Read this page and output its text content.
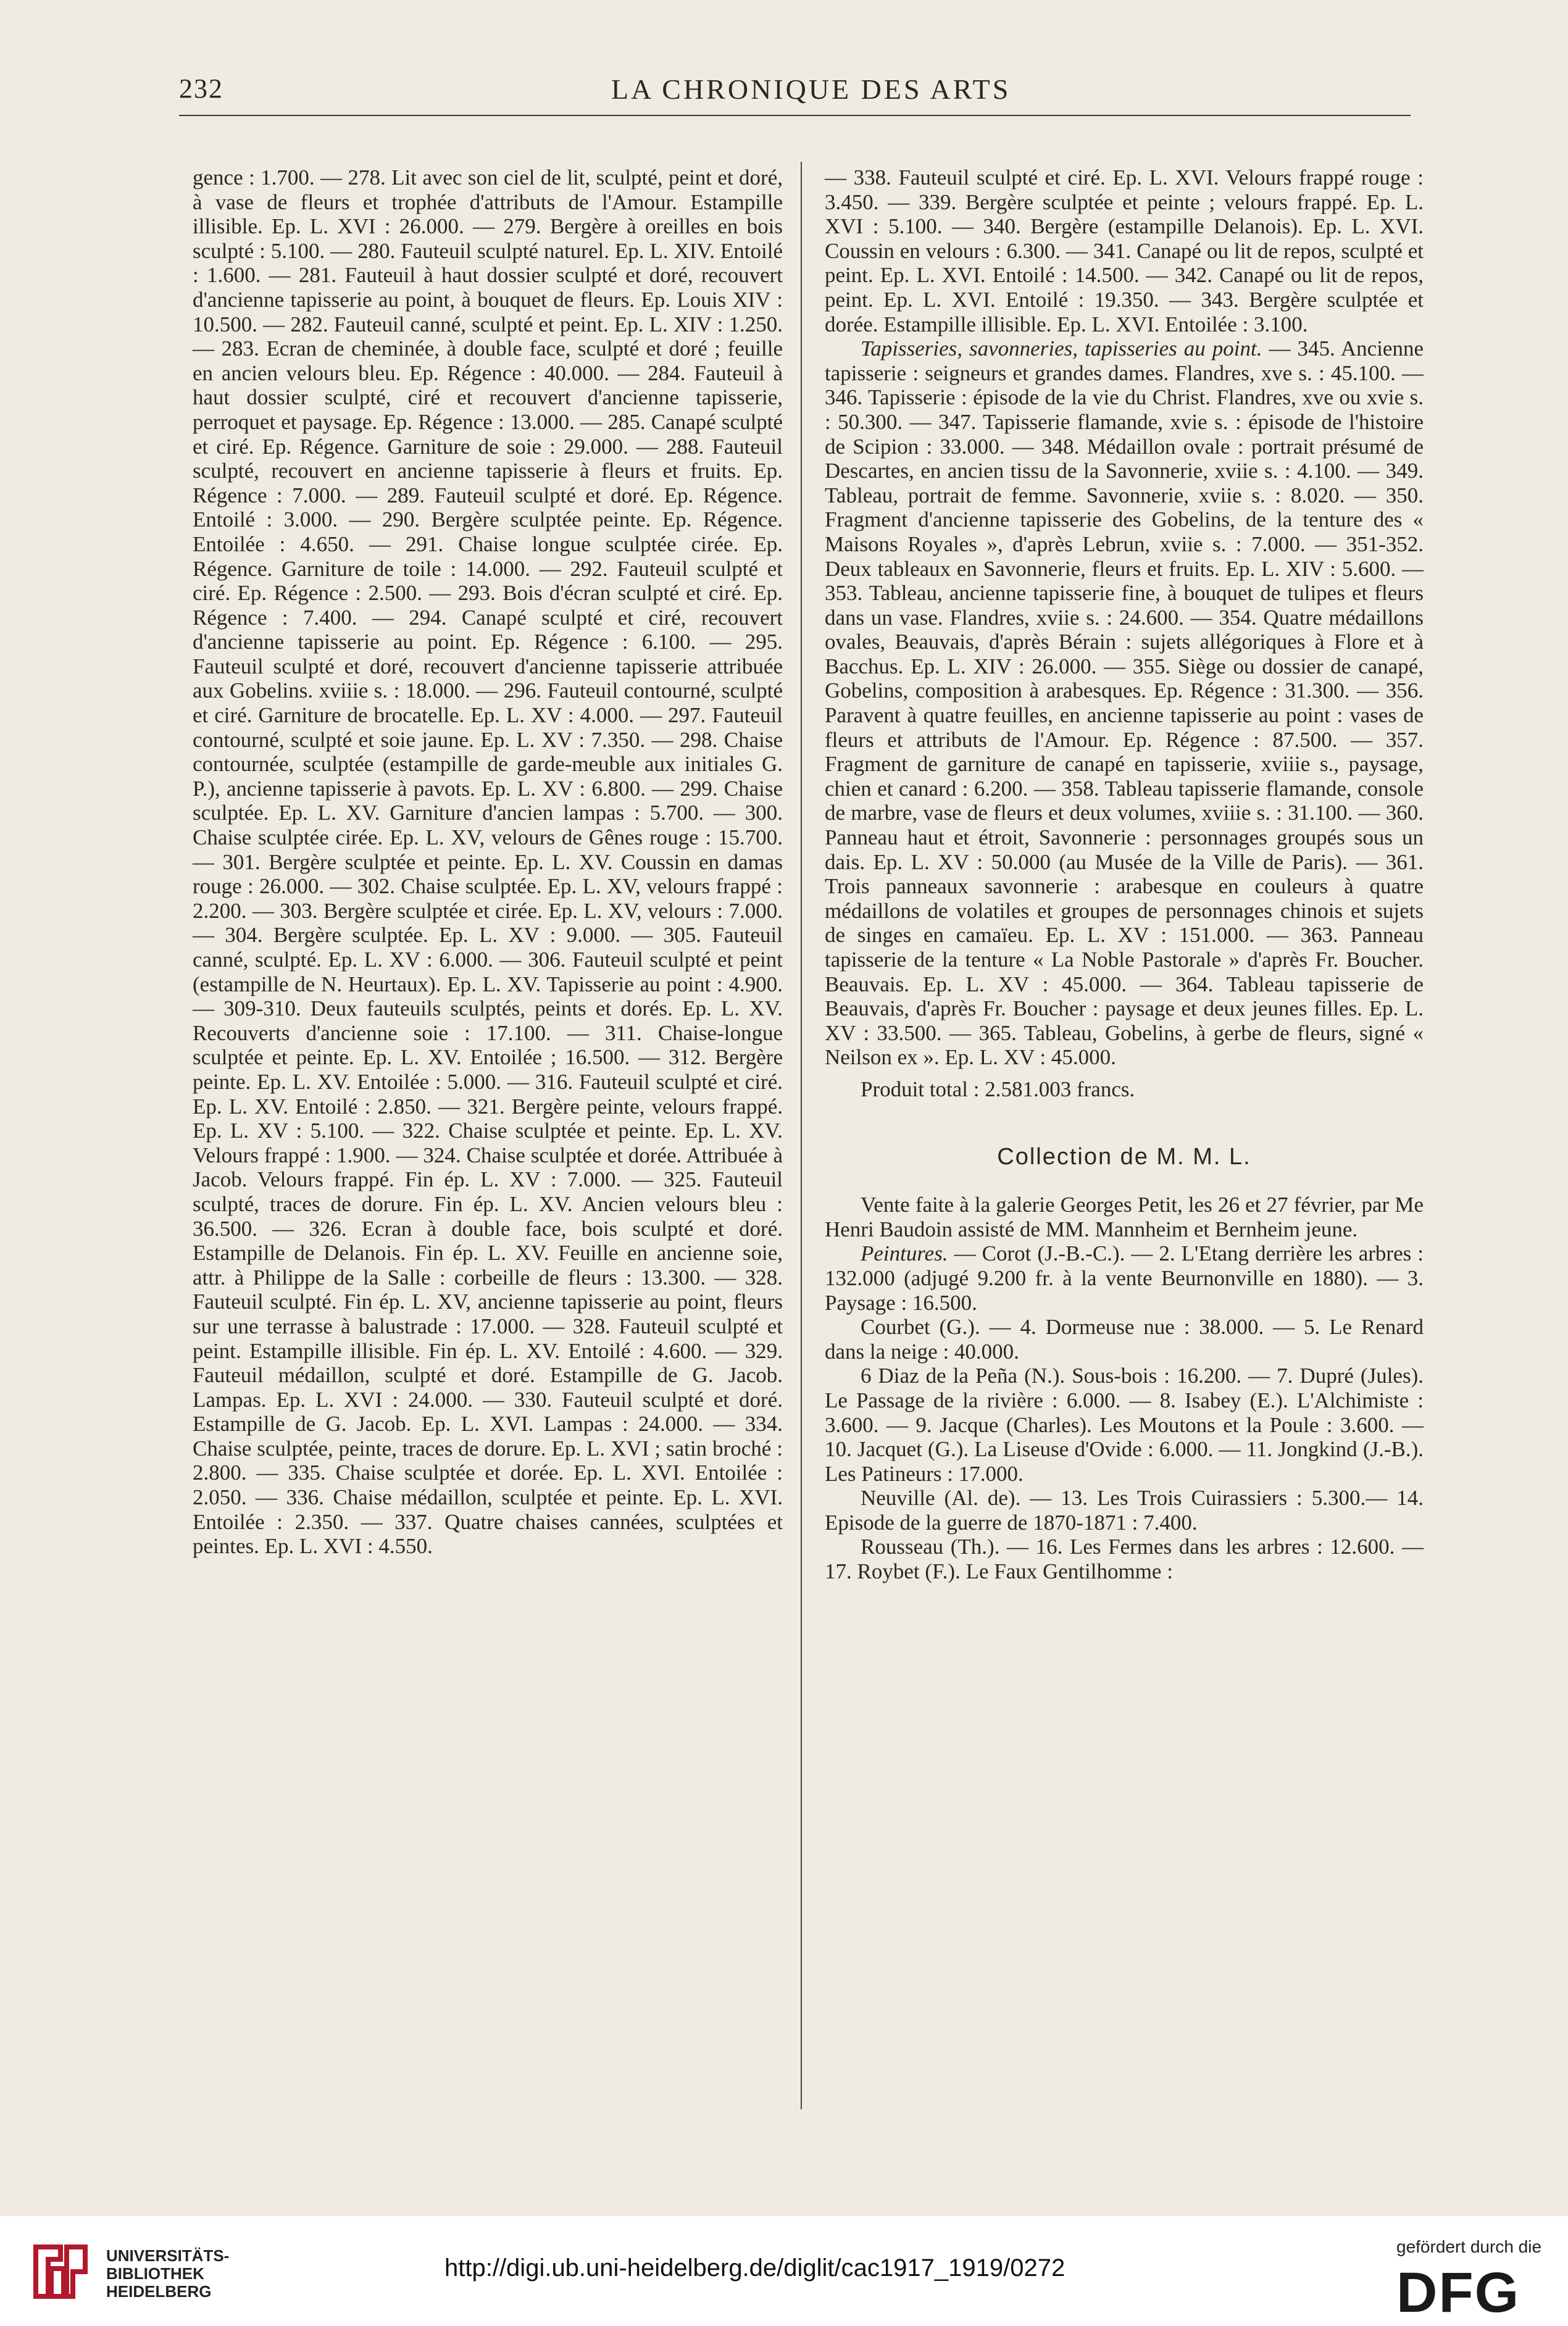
232	LA CHRONIQUE DES ARTS

gence : 1.700. — 278. Lit avec son ciel de lit, sculpté, peint et doré, à vase de fleurs et trophée d'attributs de l'Amour. Estampille illisible. Ep. L. XVI : 26.000. — 279. Bergère à oreilles en bois sculpté : 5.100. — 280. Fauteuil sculpté naturel. Ep. L. XIV. Entoilé : 1.600. — 281. Fauteuil à haut dossier sculpté et doré, recouvert d'ancienne tapisserie au point, à bouquet de fleurs. Ep. Louis XIV : 10.500. — 282. Fauteuil canné, sculpté et peint. Ep. L. XIV : 1.250. — 283. Ecran de cheminée, à double face, sculpté et doré ; feuille en ancien velours bleu. Ep. Régence : 40.000. — 284. Fauteuil à haut dossier sculpté, ciré et recouvert d'ancienne tapisserie, perroquet et paysage. Ep. Régence : 13.000. — 285. Canapé sculpté et ciré. Ep. Régence. Garniture de soie : 29.000. — 288. Fauteuil sculpté, recouvert en ancienne tapisserie à fleurs et fruits. Ep. Régence : 7.000. — 289. Fauteuil sculpté et doré. Ep. Régence. Entoilé : 3.000. — 290. Bergère sculptée peinte. Ep. Régence. Entoilée : 4.650. — 291. Chaise longue sculptée cirée. Ep. Régence. Garniture de toile : 14.000. — 292. Fauteuil sculpté et ciré. Ep. Régence : 2.500. — 293. Bois d'écran sculpté et ciré. Ep. Régence : 7.400. — 294. Canapé sculpté et ciré, recouvert d'ancienne tapisserie au point. Ep. Régence : 6.100. — 295. Fauteuil sculpté et doré, recouvert d'ancienne tapisserie attribuée aux Gobelins. xviiie s. : 18.000. — 296. Fauteuil contourné, sculpté et ciré. Garniture de brocatelle. Ep. L. XV : 4.000. — 297. Fauteuil contourné, sculpté et soie jaune. Ep. L. XV : 7.350. — 298. Chaise contournée, sculptée (estampille de garde-meuble aux initiales G. P.), ancienne tapisserie à pavots. Ep. L. XV : 6.800. — 299. Chaise sculptée. Ep. L. XV. Garniture d'ancien lampas : 5.700. — 300. Chaise sculptée cirée. Ep. L. XV, velours de Gênes rouge : 15.700. — 301. Bergère sculptée et peinte. Ep. L. XV. Coussin en damas rouge : 26.000. — 302. Chaise sculptée. Ep. L. XV, velours frappé : 2.200. — 303. Bergère sculptée et cirée. Ep. L. XV, velours : 7.000. — 304. Bergère sculptée. Ep. L. XV : 9.000. — 305. Fauteuil canné, sculpté. Ep. L. XV : 6.000. — 306. Fauteuil sculpté et peint (estampille de N. Heurtaux). Ep. L. XV. Tapisserie au point : 4.900. — 309-310. Deux fauteuils sculptés, peints et dorés. Ep. L. XV. Recouverts d'ancienne soie : 17.100. — 311. Chaise-longue sculptée et peinte. Ep. L. XV. Entoilée ; 16.500. — 312. Bergère peinte. Ep. L. XV. Entoilée : 5.000. — 316. Fauteuil sculpté et ciré. Ep. L. XV. Entoilé : 2.850. — 321. Bergère peinte, velours frappé. Ep. L. XV : 5.100. — 322. Chaise sculptée et peinte. Ep. L. XV. Velours frappé : 1.900. — 324. Chaise sculptée et dorée. Attribuée à Jacob. Velours frappé. Fin ép. L. XV : 7.000. — 325. Fauteuil sculpté, traces de dorure. Fin ép. L. XV. Ancien velours bleu : 36.500. — 326. Ecran à double face, bois sculpté et doré. Estampille de Delanois. Fin ép. L. XV. Feuille en ancienne soie, attr. à Philippe de la Salle : corbeille de fleurs : 13.300. — 328. Fauteuil sculpté. Fin ép. L. XV, ancienne tapisserie au point, fleurs sur une terrasse à balustrade : 17.000. — 328. Fauteuil sculpté et peint. Estampille illisible. Fin ép. L. XV. Entoilé : 4.600. — 329. Fauteuil médaillon, sculpté et doré. Estampille de G. Jacob. Lampas. Ep. L. XVI : 24.000. — 330. Fauteuil sculpté et doré. Estampille de G. Jacob. Ep. L. XVI. Lampas : 24.000. — 334. Chaise sculptée, peinte, traces de dorure. Ep. L. XVI ; satin broché : 2.800. — 335. Chaise sculptée et dorée. Ep. L. XVI. Entoilée : 2.050. — 336. Chaise médaillon, sculptée et peinte. Ep. L. XVI. Entoilée : 2.350. — 337. Quatre chaises cannées, sculptées et peintes. Ep. L. XVI : 4.550.

— 338. Fauteuil sculpté et ciré. Ep. L. XVI. Velours frappé rouge : 3.450. — 339. Bergère sculptée et peinte ; velours frappé. Ep. L. XVI : 5.100. — 340. Bergère (estampille Delanois). Ep. L. XVI. Coussin en velours : 6.300. — 341. Canapé ou lit de repos, sculpté et peint. Ep. L. XVI. Entoilé : 14.500. — 342. Canapé ou lit de repos, peint. Ep. L. XVI. Entoilé : 19.350. — 343. Bergère sculptée et dorée. Estampille illisible. Ep. L. XVI. Entoilée : 3.100.

Tapisseries, savonneries, tapisseries au point. — 345. Ancienne tapisserie : seigneurs et grandes dames. Flandres, xve s. : 45.100. — 346. Tapisserie : épisode de la vie du Christ. Flandres, xve ou xvie s. : 50.300. — 347. Tapisserie flamande, xvie s. : épisode de l'histoire de Scipion : 33.000. — 348. Médaillon ovale : portrait présumé de Descartes, en ancien tissu de la Savonnerie, xviie s. : 4.100. — 349. Tableau, portrait de femme. Savonnerie, xviie s. : 8.020. — 350. Fragment d'ancienne tapisserie des Gobelins, de la tenture des « Maisons Royales », d'après Lebrun, xviie s. : 7.000. — 351-352. Deux tableaux en Savonnerie, fleurs et fruits. Ep. L. XIV : 5.600. — 353. Tableau, ancienne tapisserie fine, à bouquet de tulipes et fleurs dans un vase. Flandres, xviie s. : 24.600. — 354. Quatre médaillons ovales, Beauvais, d'après Bérain : sujets allégoriques à Flore et à Bacchus. Ep. L. XIV : 26.000. — 355. Siège ou dossier de canapé, Gobelins, composition à arabesques. Ep. Régence : 31.300. — 356. Paravent à quatre feuilles, en ancienne tapisserie au point : vases de fleurs et attributs de l'Amour. Ep. Régence : 87.500. — 357. Fragment de garniture de canapé en tapisserie, xviiie s., paysage, chien et canard : 6.200. — 358. Tableau tapisserie flamande, console de marbre, vase de fleurs et deux volumes, xviiie s. : 31.100. — 360. Panneau haut et étroit, Savonnerie : personnages groupés sous un dais. Ep. L. XV : 50.000 (au Musée de la Ville de Paris). — 361. Trois panneaux savonnerie : arabesque en couleurs à quatre médaillons de volatiles et groupes de personnages chinois et sujets de singes en camaïeu. Ep. L. XV : 151.000. — 363. Panneau tapisserie de la tenture « La Noble Pastorale » d'après Fr. Boucher. Beauvais. Ep. L. XV : 45.000. — 364. Tableau tapisserie de Beauvais, d'après Fr. Boucher : paysage et deux jeunes filles. Ep. L. XV : 33.500. — 365. Tableau, Gobelins, à gerbe de fleurs, signé « Neilson ex ». Ep. L. XV : 45.000.

Produit total : 2.581.003 francs.

Collection de M. M. L.

Vente faite à la galerie Georges Petit, les 26 et 27 février, par Me Henri Baudoin assisté de MM. Mannheim et Bernheim jeune.

Peintures. — Corot (J.-B.-C.). — 2. L'Etang derrière les arbres : 132.000 (adjugé 9.200 fr. à la vente Beurnonville en 1880). — 3. Paysage : 16.500.

Courbet (G.). — 4. Dormeuse nue : 38.000. — 5. Le Renard dans la neige : 40.000.

6 Diaz de la Peña (N.). Sous-bois : 16.200. — 7. Dupré (Jules). Le Passage de la rivière : 6.000. — 8. Isabey (E.). L'Alchimiste : 3.600. — 9. Jacque (Charles). Les Moutons et la Poule : 3.600. — 10. Jacquet (G.). La Liseuse d'Ovide : 6.000. — 11. Jongkind (J.-B.). Les Patineurs : 17.000.

Neuville (Al. de). — 13. Les Trois Cuirassiers : 5.300.— 14. Episode de la guerre de 1870-1871 : 7.400.

Rousseau (Th.). — 16. Les Fermes dans les arbres : 12.600. — 17. Roybet (F.). Le Faux Gentilhomme :

UNIVERSITÄTS-
BIBLIOTHEK
HEIDELBERG
http://digi.ub.uni-heidelberg.de/diglit/cac1917_1919/0272
gefördert durch die
DFG
